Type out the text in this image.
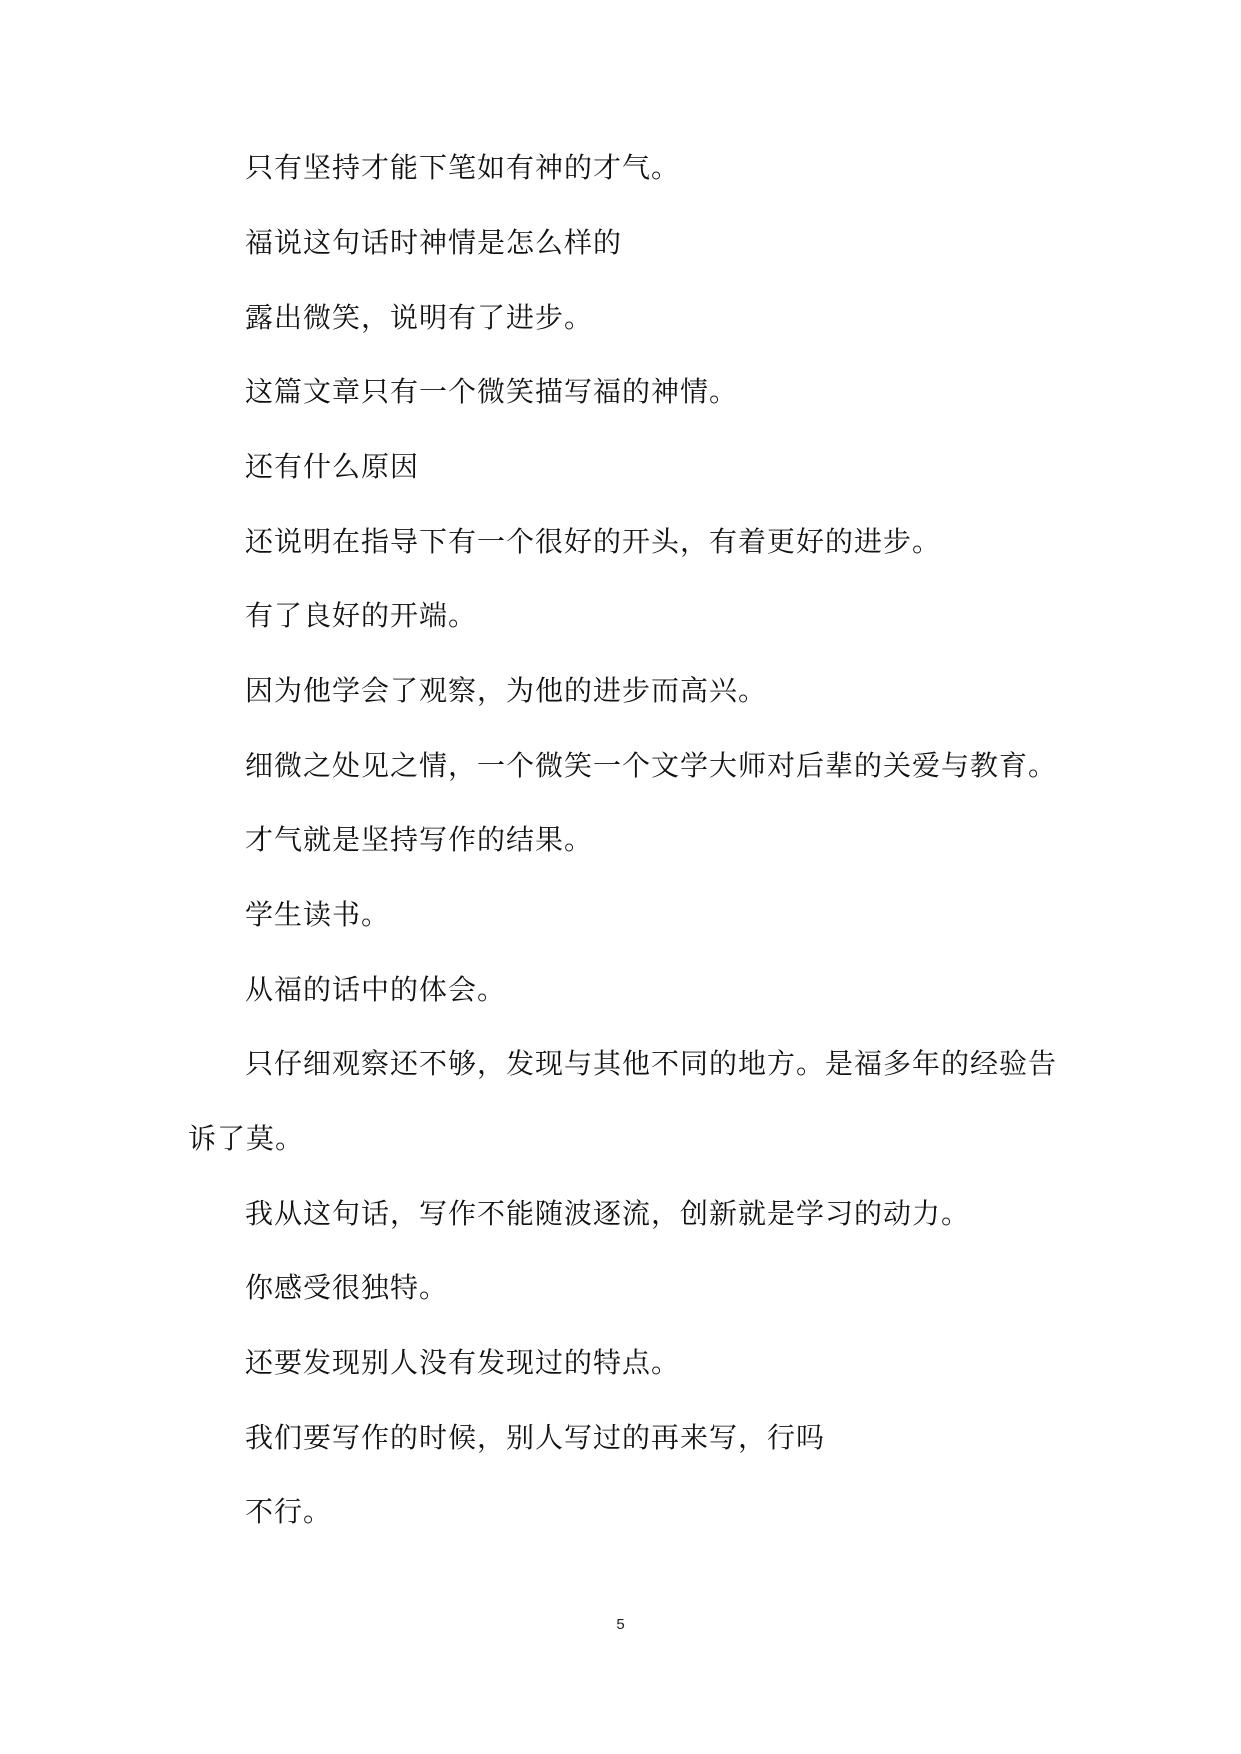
只有坚持才能下笔如有神的才气。

福说这句话时神情是怎么样的

露出微笑，说明有了进步。

这篇文章只有一个微笑描写福的神情。

还有什么原因

还说明在指导下有一个很好的开头，有着更好的进步。

有了良好的开端。

因为他学会了观察，为他的进步而高兴。

细微之处见之情，一个微笑一个文学大师对后辈的关爱与教育。

才气就是坚持写作的结果。

学生读书。

从福的话中的体会。

只仔细观察还不够，发现与其他不同的地方。是福多年的经验告

诉了莫。

我从这句话，写作不能随波逐流，创新就是学习的动力。

你感受很独特。

还要发现别人没有发现过的特点。

我们要写作的时候，别人写过的再来写，行吗

不行。

5
